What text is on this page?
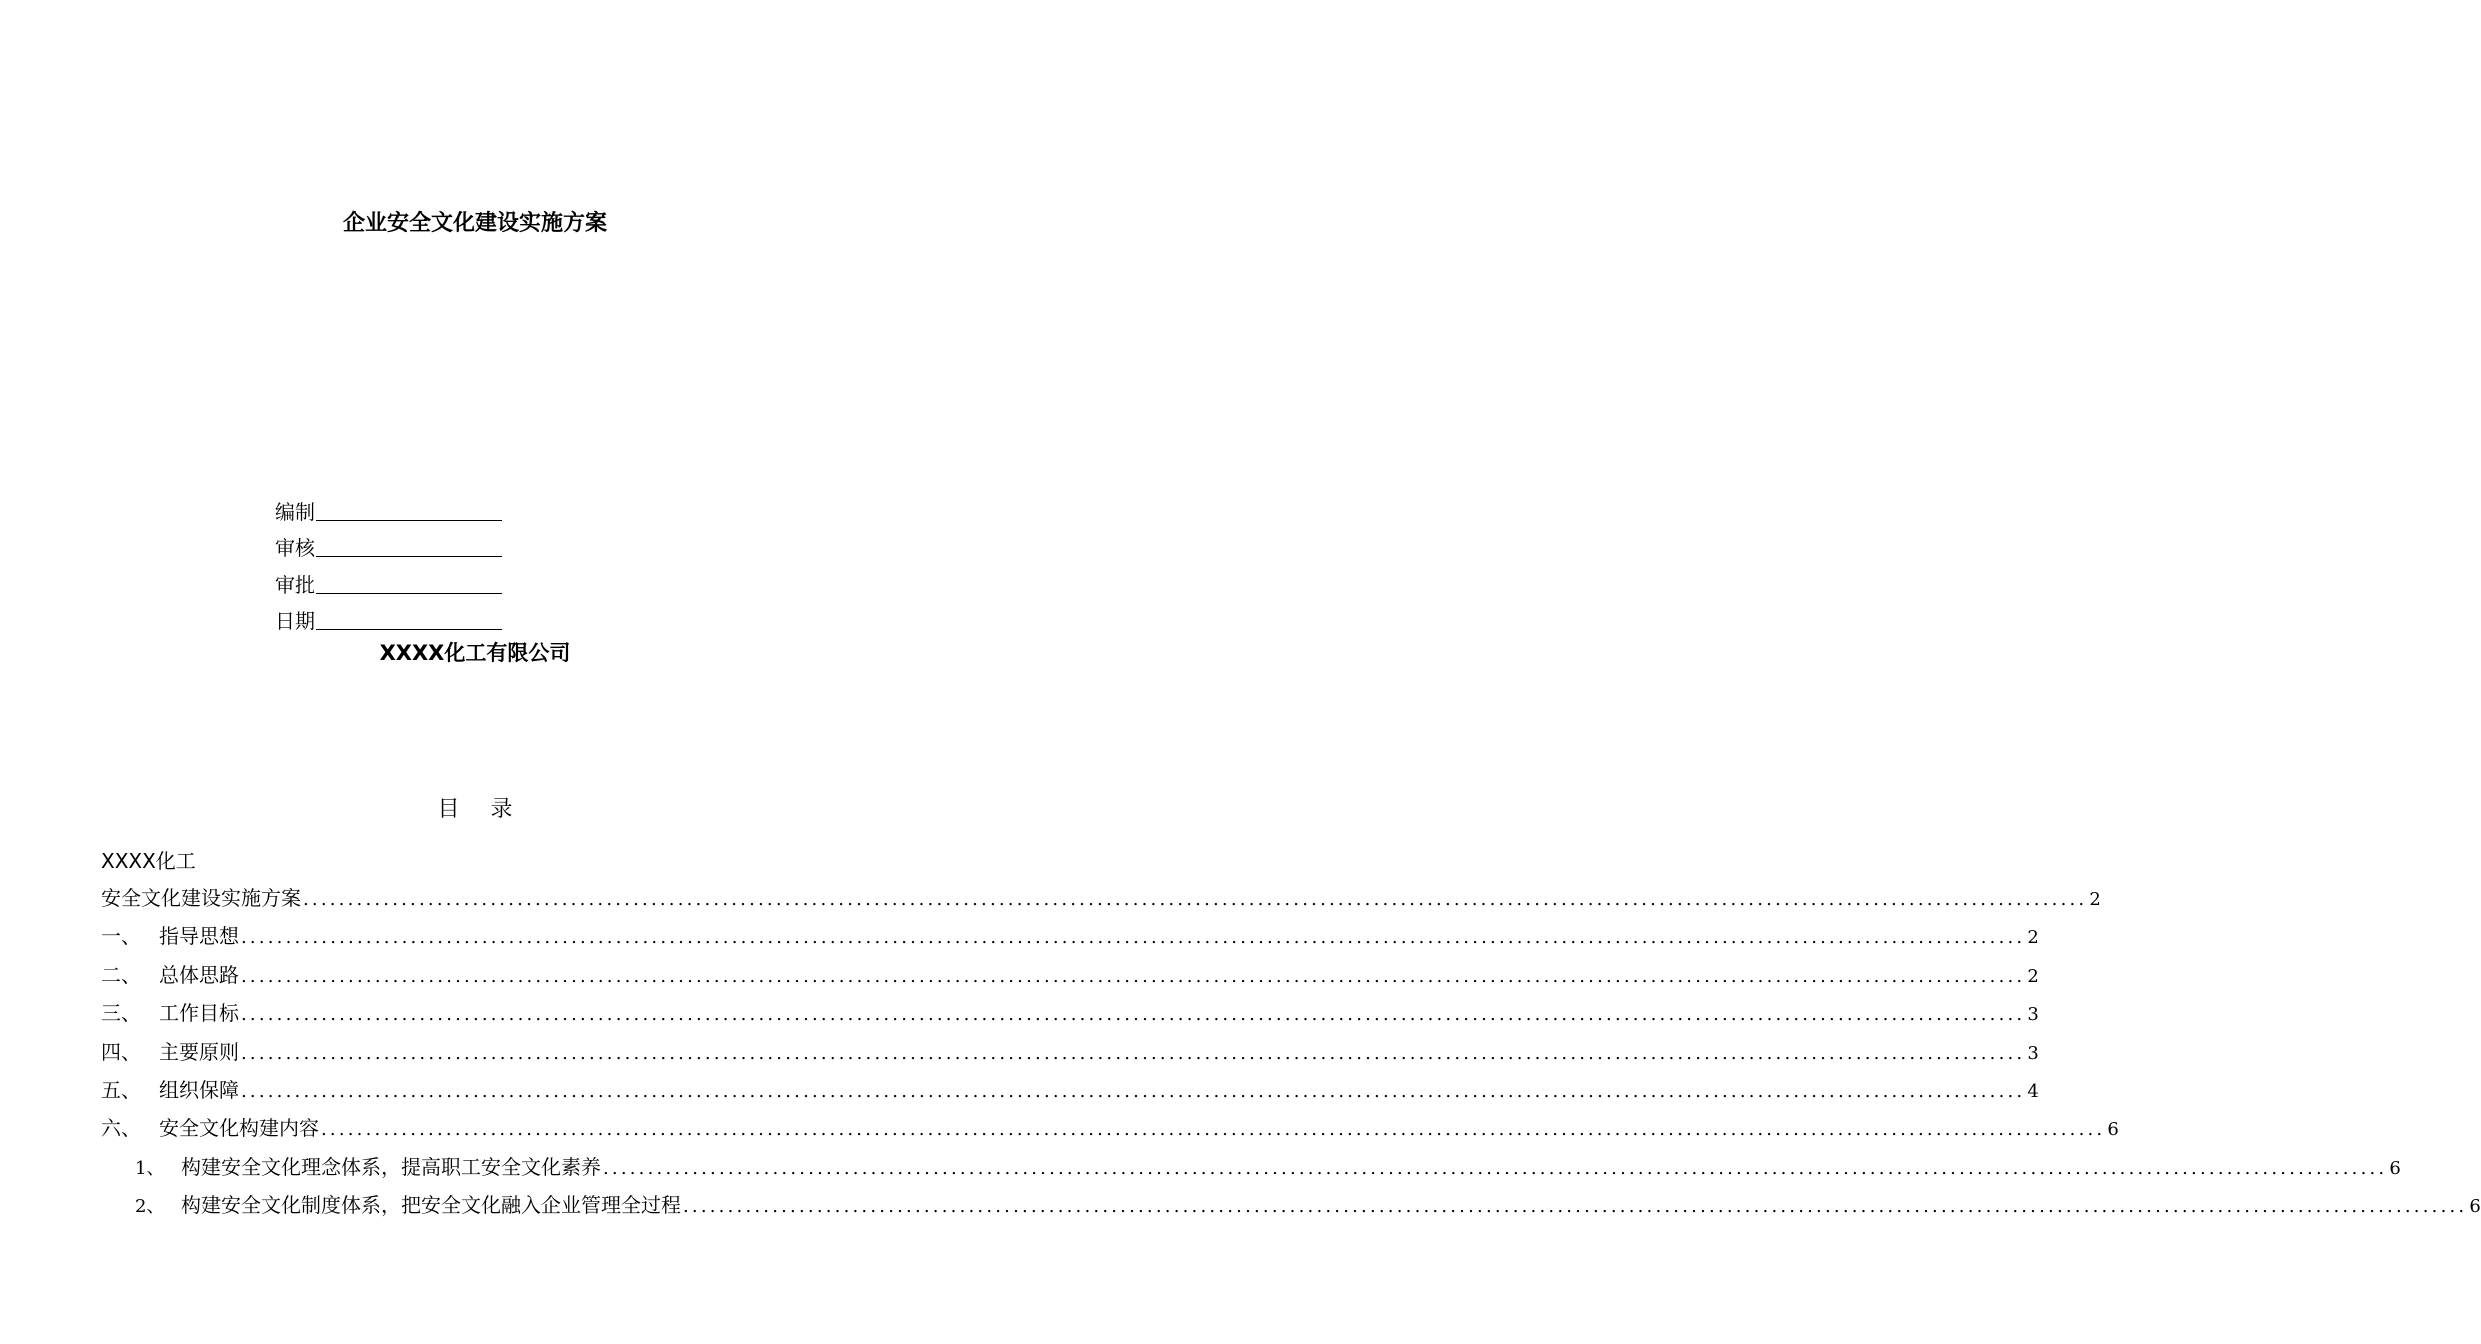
企业安全文化建设实施方案
编制
审核
审批
日期
XXXX化工有限公司
目 录
XXXX化工
安全文化建设实施方案 ........................................................................................................................................................................................................ 2
一、 指导思想 ........................................................................................................................................................................................................ 2
二、 总体思路 ........................................................................................................................................................................................................ 2
三、 工作目标 ........................................................................................................................................................................................................ 3
四、 主要原则 ........................................................................................................................................................................................................ 3
五、 组织保障 ........................................................................................................................................................................................................ 4
六、 安全文化构建内容 ........................................................................................................................................................................................................ 6
1、 构建安全文化理念体系，提高职工安全文化素养 ........................................................................................................................................................................................................ 6
2、 构建安全文化制度体系，把安全文化融入企业管理全过程 ........................................................................................................................................................................................................ 6
